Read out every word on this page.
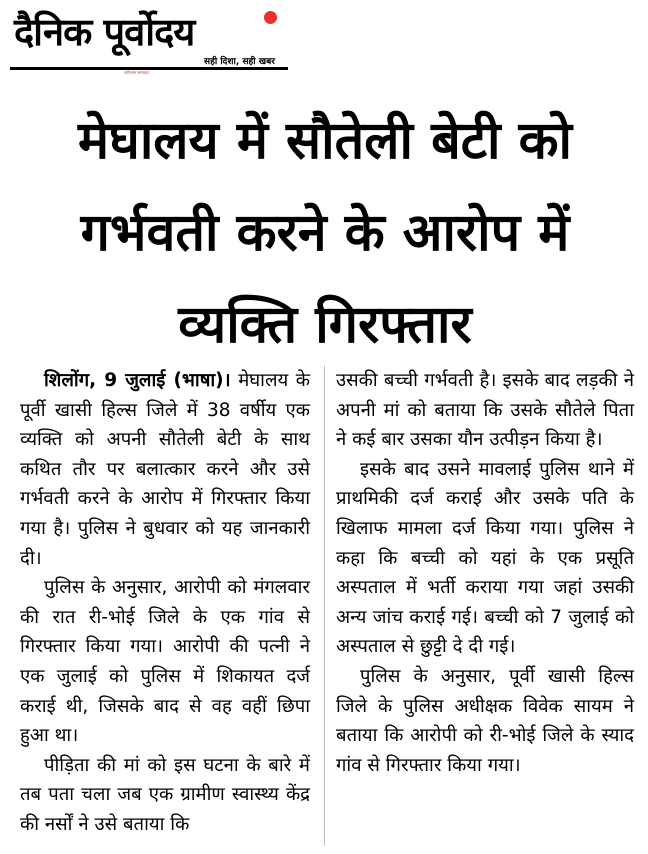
दैनिक पूर्वोदय
सही दिशा, सही खबर
नवीनतम समाचार
मेघालय में सौतेली बेटी को
गर्भवती करने के आरोप में
व्यक्ति गिरफ्तार

शिलोंग, 9 जुलाई (भाषा)। मेघालय के पूर्वी खासी हिल्स जिले में 38 वर्षीय एक व्यक्ति को अपनी सौतेली बेटी के साथ कथित तौर पर बलात्कार करने और उसे गर्भवती करने के आरोप में गिरफ्तार किया गया है। पुलिस ने बुधवार को यह जानकारी दी।

पुलिस के अनुसार, आरोपी को मंगलवार की रात री-भोई जिले के एक गांव से गिरफ्तार किया गया। आरोपी की पत्नी ने एक जुलाई को पुलिस में शिकायत दर्ज कराई थी, जिसके बाद से वह वहीं छिपा हुआ था।

पीड़िता की मां को इस घटना के बारे में तब पता चला जब एक ग्रामीण स्वास्थ्य केंद्र की नर्सों ने उसे बताया कि

उसकी बच्ची गर्भवती है। इसके बाद लड़की ने अपनी मां को बताया कि उसके सौतेले पिता ने कई बार उसका यौन उत्पीड़न किया है।

इसके बाद उसने मावलाई पुलिस थाने में प्राथमिकी दर्ज कराई और उसके पति के खिलाफ मामला दर्ज किया गया। पुलिस ने कहा कि बच्ची को यहां के एक प्रसूति अस्पताल में भर्ती कराया गया जहां उसकी अन्य जांच कराई गई। बच्ची को 7 जुलाई को अस्पताल से छुट्टी दे दी गई।

पुलिस के अनुसार, पूर्वी खासी हिल्स जिले के पुलिस अधीक्षक विवेक सायम ने बताया कि आरोपी को री-भोई जिले के स्याद गांव से गिरफ्तार किया गया।
